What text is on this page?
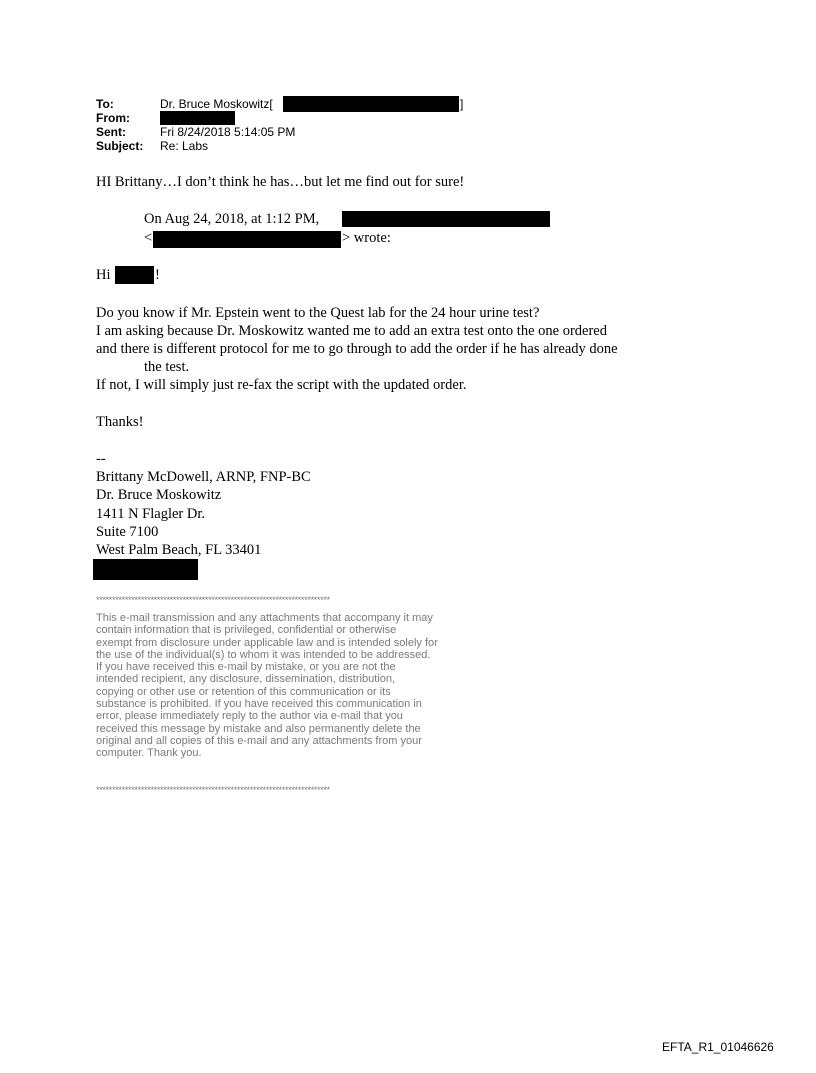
To:	Dr. Bruce Moskowitz[	]
From:
Sent:	Fri 8/24/2018 5:14:05 PM
Subject: Re: Labs
HI Brittany…I don’t think he has…but let me find out for sure!
On Aug 24, 2018, at 1:12 PM,
<	> wrote:
Hi	!
Do you know if Mr. Epstein went to the Quest lab for the 24 hour urine test?
I am asking because Dr. Moskowitz wanted me to add an extra test onto the one ordered
and there is different protocol for me to go through to add the order if he has already done
the test.
If not, I will simply just re-fax the script with the updated order.
Thanks!
--
Brittany McDowell, ARNP, FNP-BC
Dr. Bruce Moskowitz
1411 N Flagler Dr.
Suite 7100
West Palm Beach, FL 33401
*************************************************************************
This e-mail transmission and any attachments that accompany it may
contain information that is privileged, confidential or otherwise
exempt from disclosure under applicable law and is intended solely for
the use of the individual(s) to whom it was intended to be addressed.
If you have received this e-mail by mistake, or you are not the
intended recipient, any disclosure, dissemination, distribution,
copying or other use or retention of this communication or its
substance is prohibited. If you have received this communication in
error, please immediately reply to the author via e-mail that you
received this message by mistake and also permanently delete the
original and all copies of this e-mail and any attachments from your
computer. Thank you.
*************************************************************************
EFTA_R1_01046626
